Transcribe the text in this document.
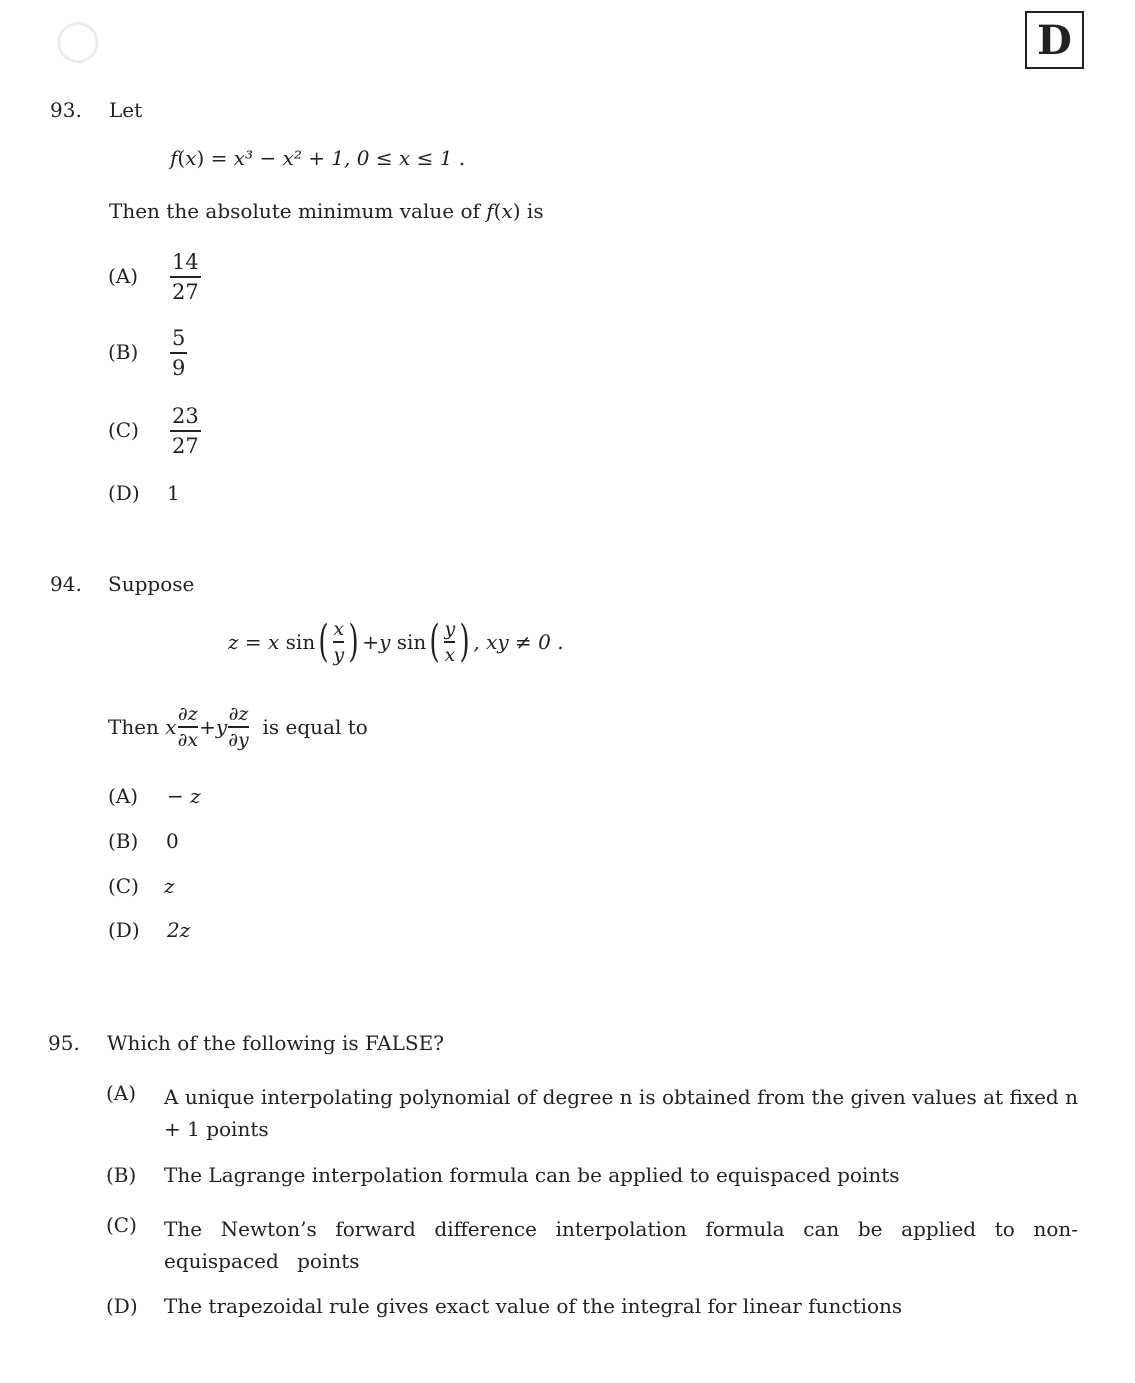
◯	D
93. Let
f ( x ) = x³ − x² + 1, 0 ≤ x ≤ 1 .
Then the absolute minimum value of
f ( x )
is
(A)
14
27
(B)
5
9
(C)
23
27
(D) 1
94. Suppose
z
=
x
sin ( x
y ) + y
sin ( y
x ) , xy ≠ 0 .
Then
x
∂z
∂x
+ y
∂z
∂y

is equal to
(A) − z
(B) 0
(C) z
(D) 2z
95. Which of the following is FALSE?
(A) A unique interpolating polynomial of degree n is obtained from the given values at fixed n + 1 points
(B) The Lagrange interpolation formula can be applied to equispaced points
(C) The Newton’s forward difference interpolation formula can be applied to non-equispaced points
(D) The trapezoidal rule gives exact value of the integral for linear functions
